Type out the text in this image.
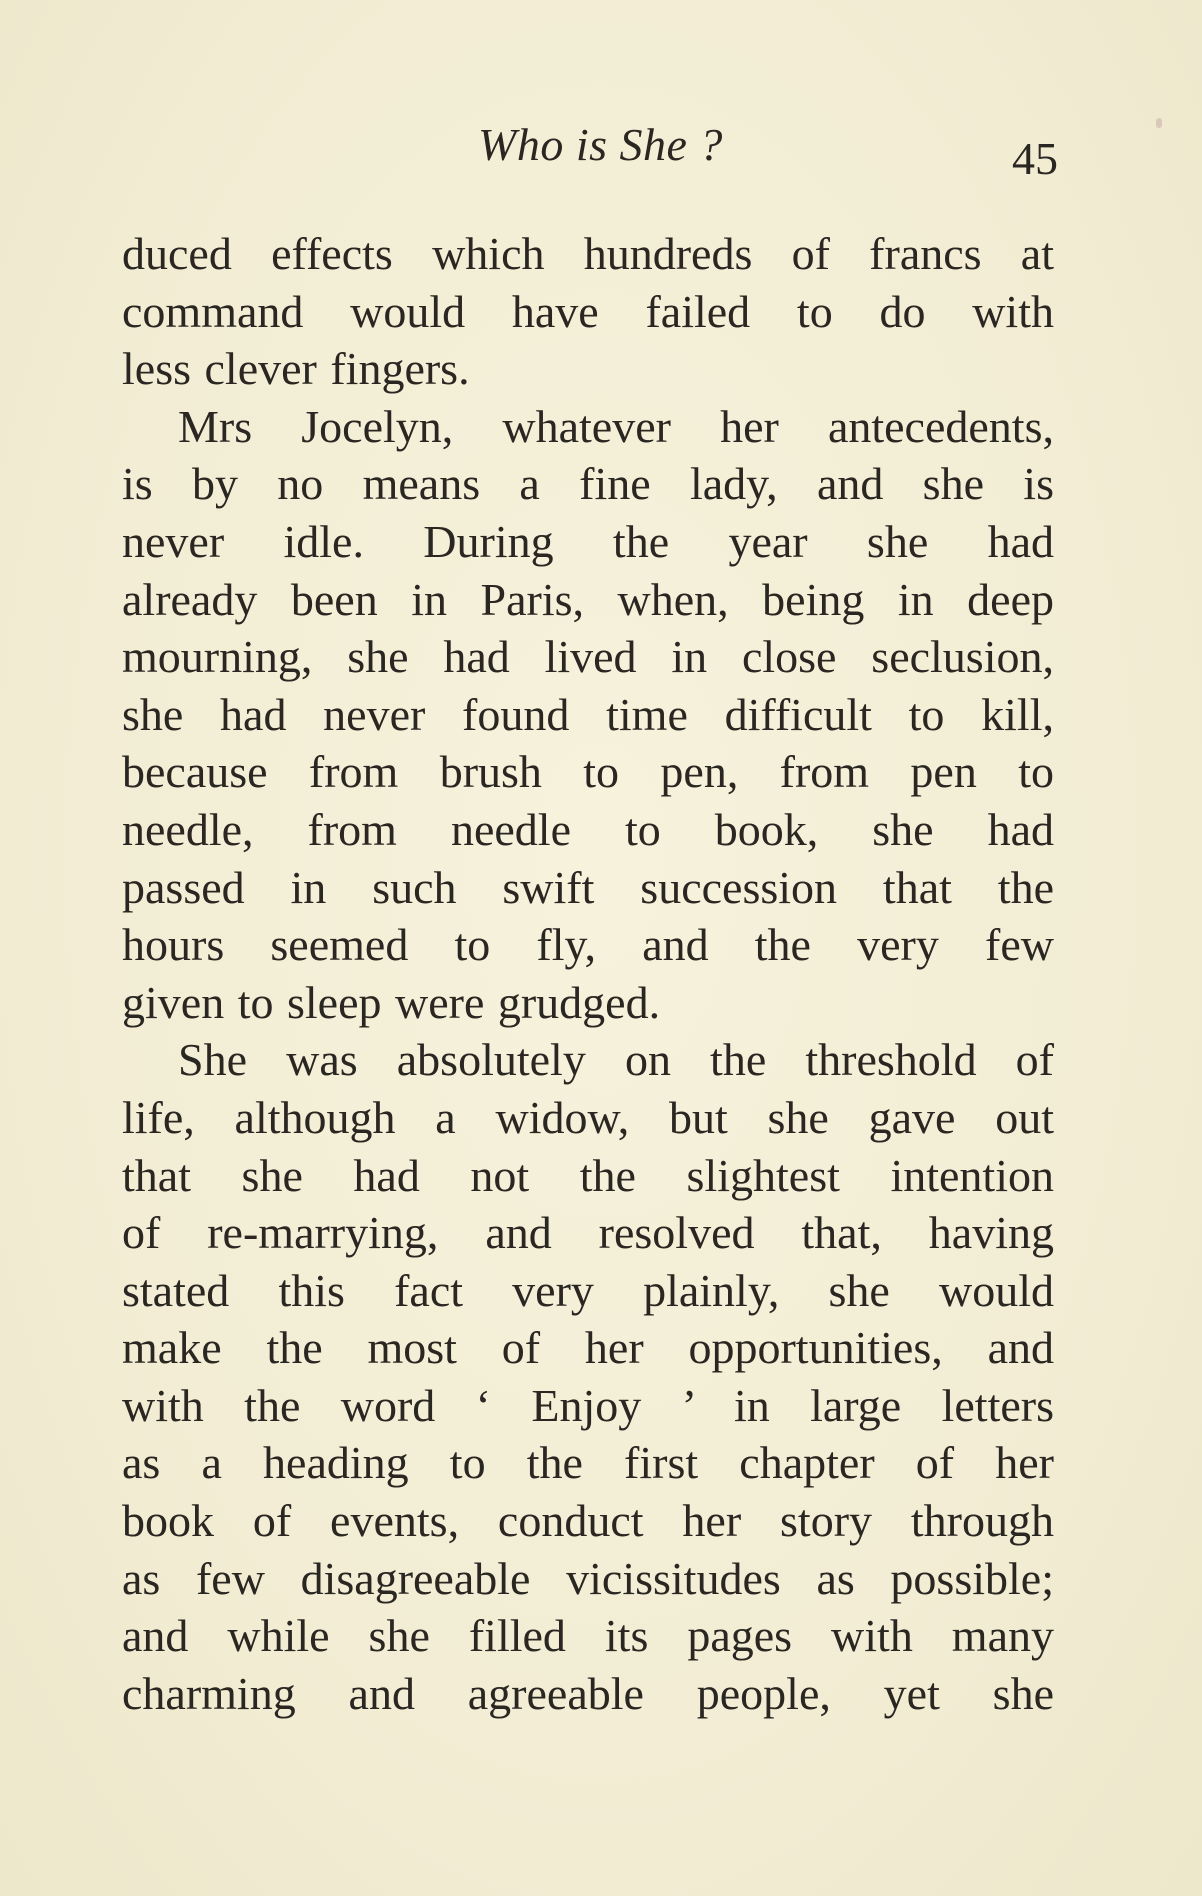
Who is She ?	45
duced effects which hundreds of francs at
command would have failed to do with
less clever fingers.
Mrs Jocelyn, whatever her antecedents,
is by no means a fine lady, and she is
never idle. During the year she had
already been in Paris, when, being in deep
mourning, she had lived in close seclusion,
she had never found time difficult to kill,
because from brush to pen, from pen to
needle, from needle to book, she had
passed in such swift succession that the
hours seemed to fly, and the very few
given to sleep were grudged.
She was absolutely on the threshold of
life, although a widow, but she gave out
that she had not the slightest intention
of re-marrying, and resolved that, having
stated this fact very plainly, she would
make the most of her opportunities, and
with the word ‘ Enjoy ’ in large letters
as a heading to the first chapter of her
book of events, conduct her story through
as few disagreeable vicissitudes as possible;
and while she filled its pages with many
charming and agreeable people, yet she
